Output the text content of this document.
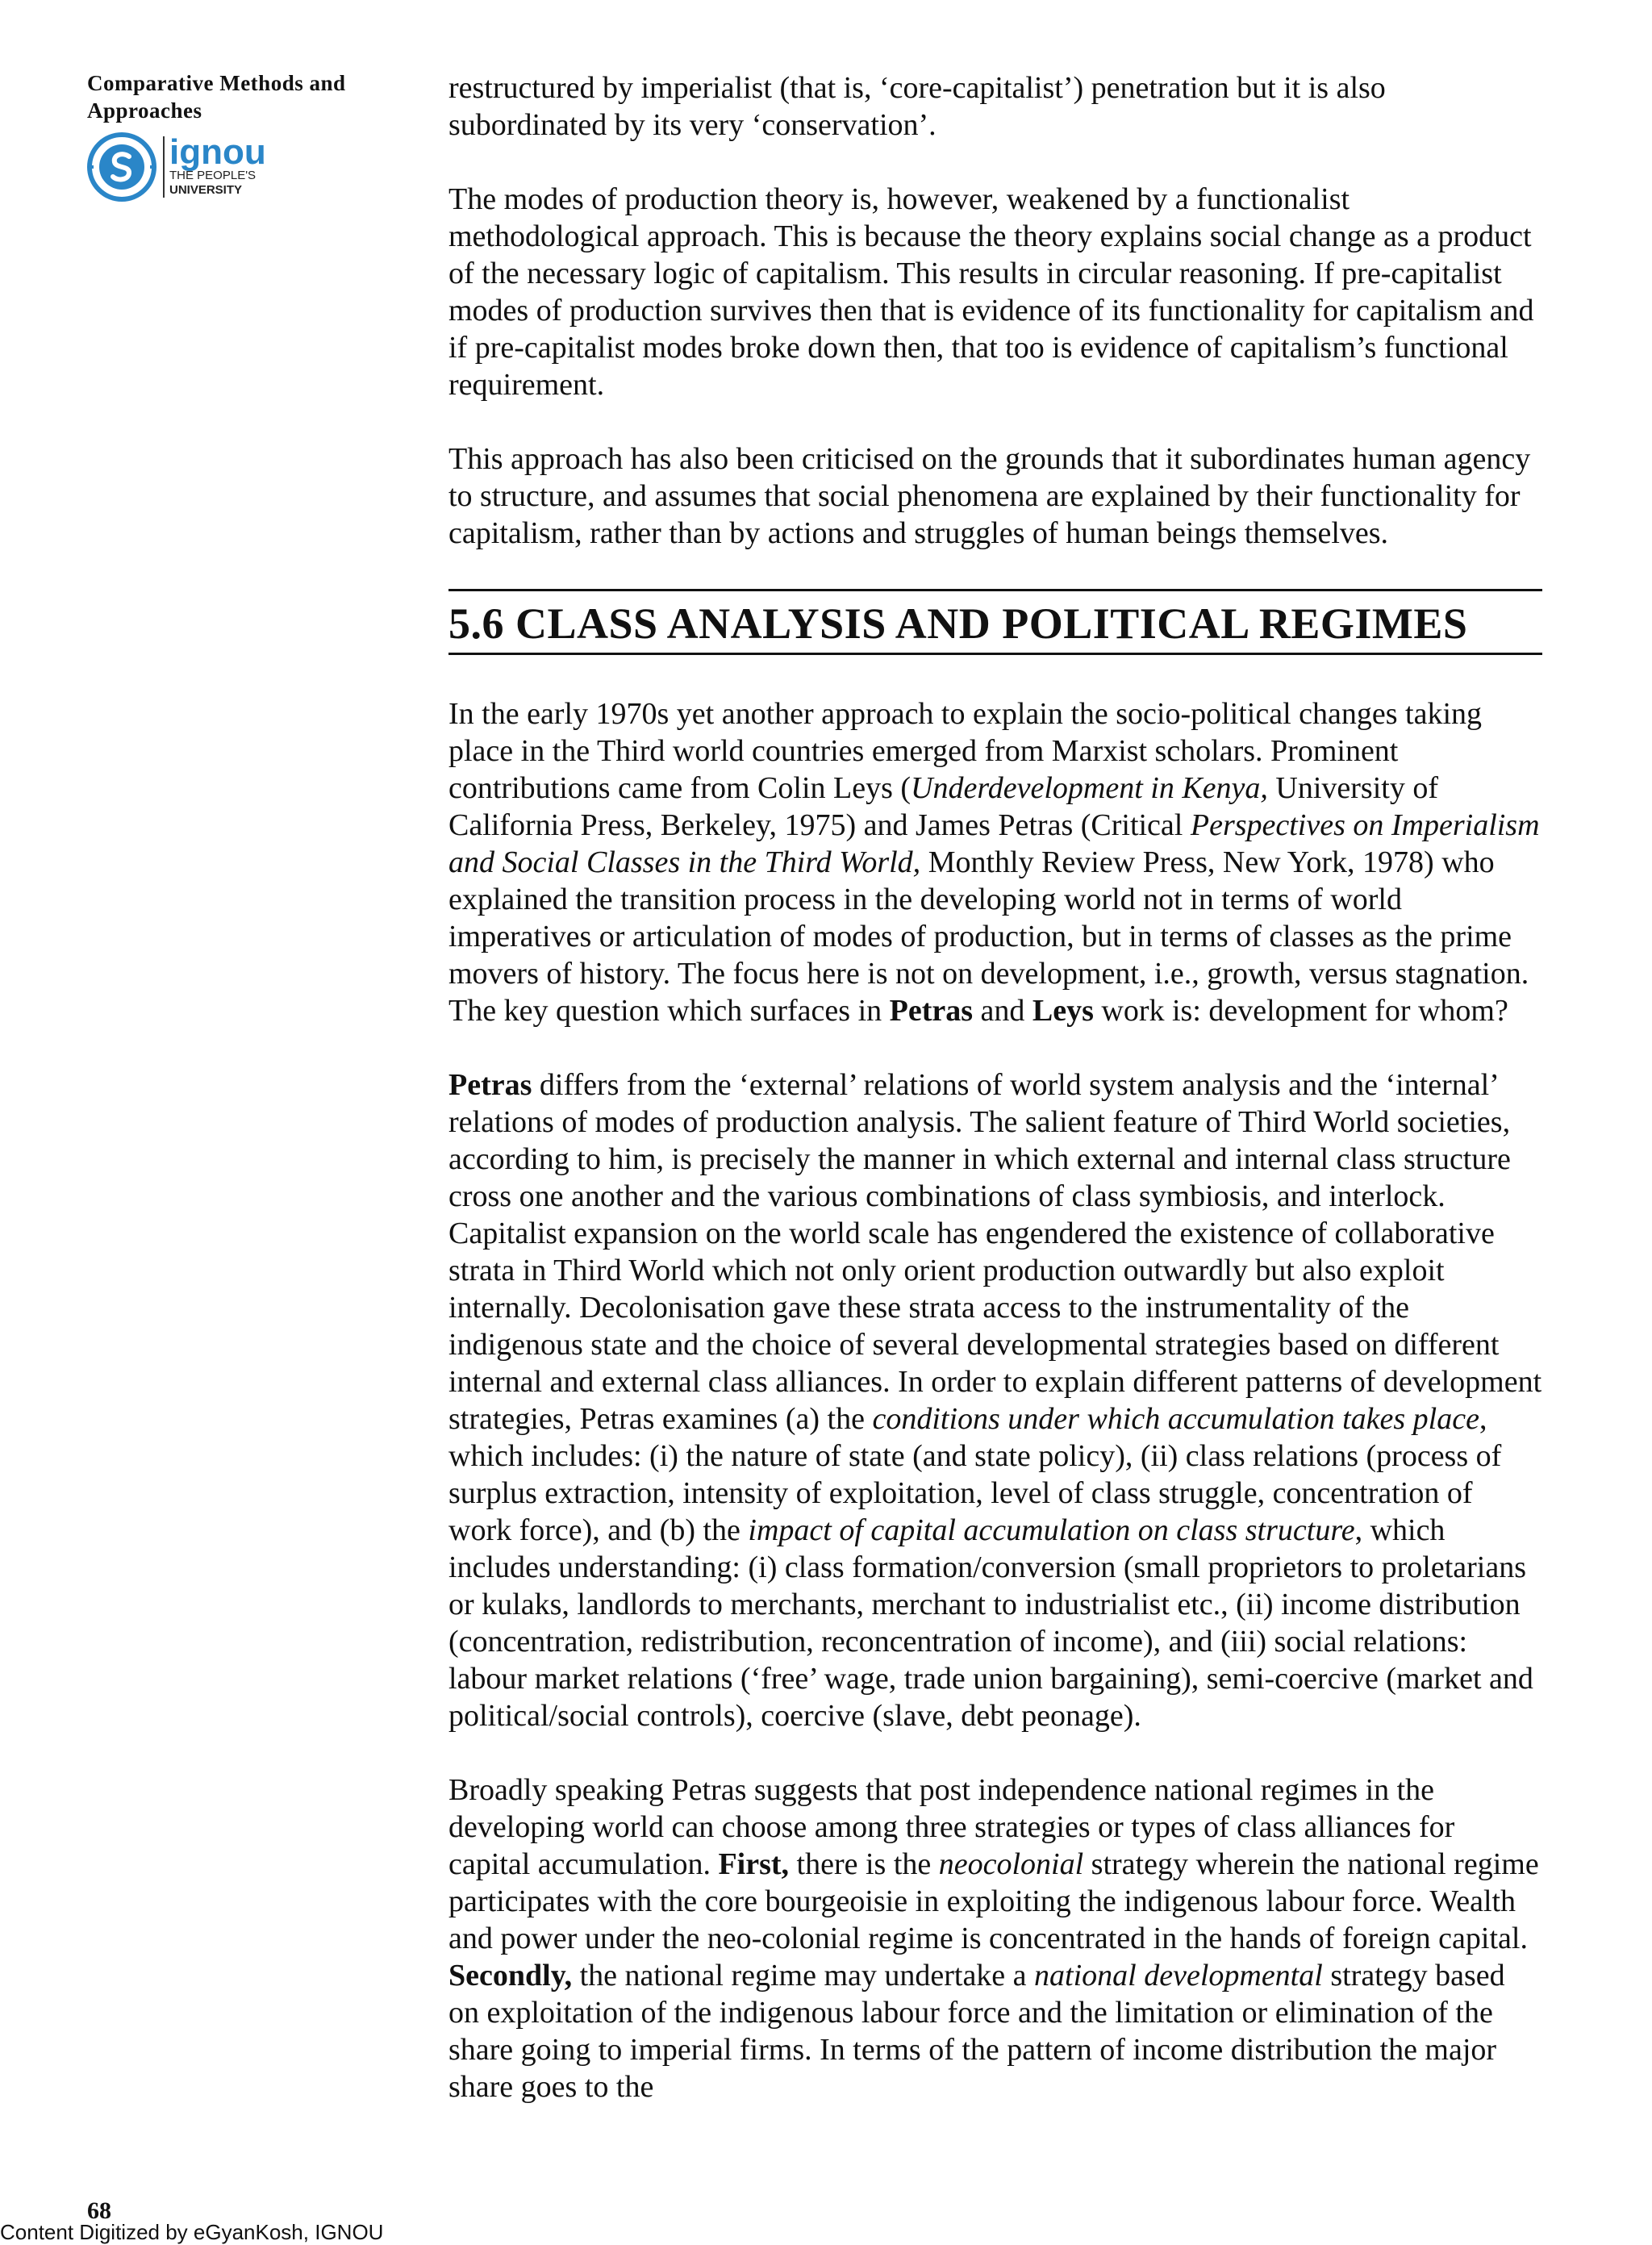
Comparative Methods and

Approaches

ignou
THE PEOPLE'S
UNIVERSITY

restructured by imperialist (that is, ‘core-capitalist’) penetration but it is also subordinated by its very ‘conservation’.

The modes of production theory is, however, weakened by a functionalist methodological approach. This is because the theory explains social change as a product of the necessary logic of capitalism. This results in circular reasoning. If pre-capitalist modes of production survives then that is evidence of its functionality for capitalism and if pre-capitalist modes broke down then, that too is evidence of capitalism’s functional requirement.

This approach has also been criticised on the grounds that it subordinates human agency to structure, and assumes that social phenomena are explained by their functionality for capitalism, rather than by actions and struggles of human beings themselves.

5.6 CLASS ANALYSIS AND POLITICAL REGIMES

In the early 1970s yet another approach to explain the socio-political changes taking place in the Third world countries emerged from Marxist scholars. Prominent contributions came from Colin Leys (Underdevelopment in Kenya, University of California Press, Berkeley, 1975) and James Petras (Critical Perspectives on Imperialism and Social Classes in the Third World, Monthly Review Press, New York, 1978) who explained the transition process in the developing world not in terms of world imperatives or articulation of modes of production, but in terms of classes as the prime movers of history. The focus here is not on development, i.e., growth, versus stagnation. The key question which surfaces in Petras and Leys work is: development for whom?

Petras differs from the ‘external’ relations of world system analysis and the ‘internal’ relations of modes of production analysis. The salient feature of Third World societies, according to him, is precisely the manner in which external and internal class structure cross one another and the various combinations of class symbiosis, and interlock. Capitalist expansion on the world scale has engendered the existence of collaborative strata in Third World which not only orient production outwardly but also exploit internally. Decolonisation gave these strata access to the instrumentality of the indigenous state and the choice of several developmental strategies based on different internal and external class alliances. In order to explain different patterns of development strategies, Petras examines (a) the conditions under which accumulation takes place, which includes: (i) the nature of state (and state policy), (ii) class relations (process of surplus extraction, intensity of exploitation, level of class struggle, concentration of work force), and (b) the impact of capital accumulation on class structure, which includes understanding: (i) class formation/conversion (small proprietors to proletarians or kulaks, landlords to merchants, merchant to industrialist etc., (ii) income distribution (concentration, redistribution, reconcentration of income), and (iii) social relations: labour market relations (‘free’ wage, trade union bargaining), semi-coercive (market and political/social controls), coercive (slave, debt peonage).

Broadly speaking Petras suggests that post independence national regimes in the developing world can choose among three strategies or types of class alliances for capital accumulation. First, there is the neocolonial strategy wherein the national regime participates with the core bourgeoisie in exploiting the indigenous labour force. Wealth and power under the neo-colonial regime is concentrated in the hands of foreign capital. Secondly, the national regime may undertake a national developmental strategy based on exploitation of the indigenous labour force and the limitation or elimination of the share going to imperial firms. In terms of the pattern of income distribution the major share goes to the

68
Content Digitized by eGyanKosh, IGNOU
